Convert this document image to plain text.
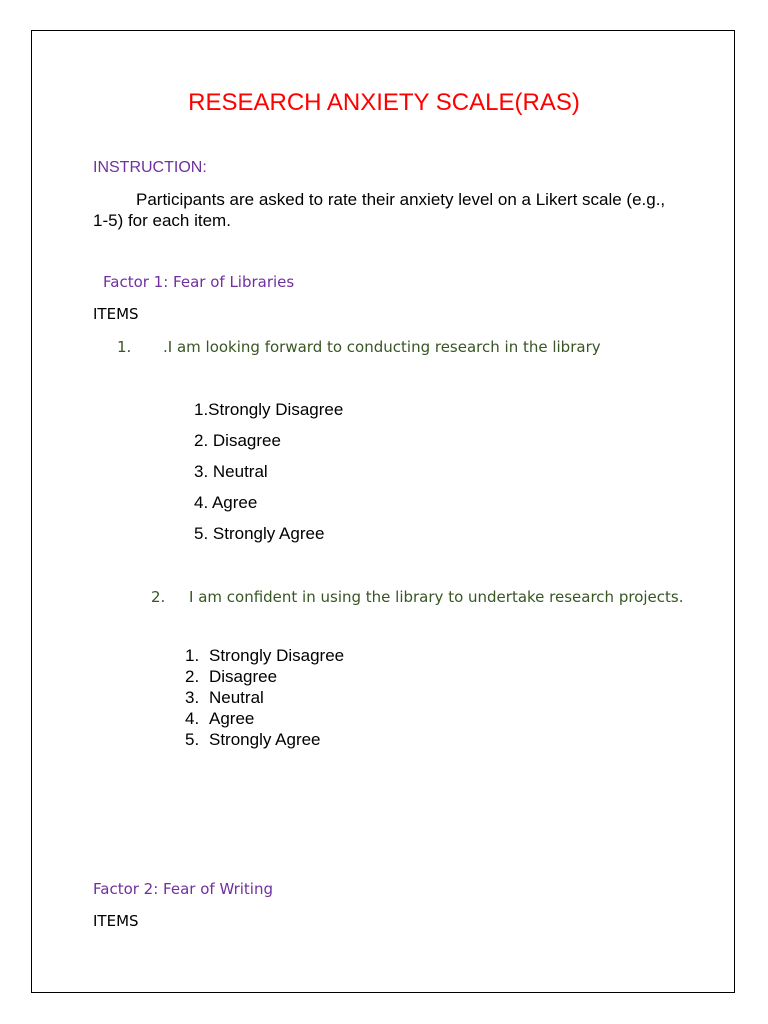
RESEARCH ANXIETY SCALE(RAS)
INSTRUCTION:
Participants are asked to rate their anxiety level on a Likert scale (e.g., 1-5) for each item.
Factor 1: Fear of Libraries
ITEMS
1. .I am looking forward to conducting research in the library
1.Strongly Disagree
2. Disagree
3. Neutral
4. Agree
5. Strongly Agree
2. I am confident in using the library to undertake research projects.
1. Strongly Disagree
2. Disagree
3. Neutral
4. Agree
5. Strongly Agree
Factor 2: Fear of Writing
ITEMS
